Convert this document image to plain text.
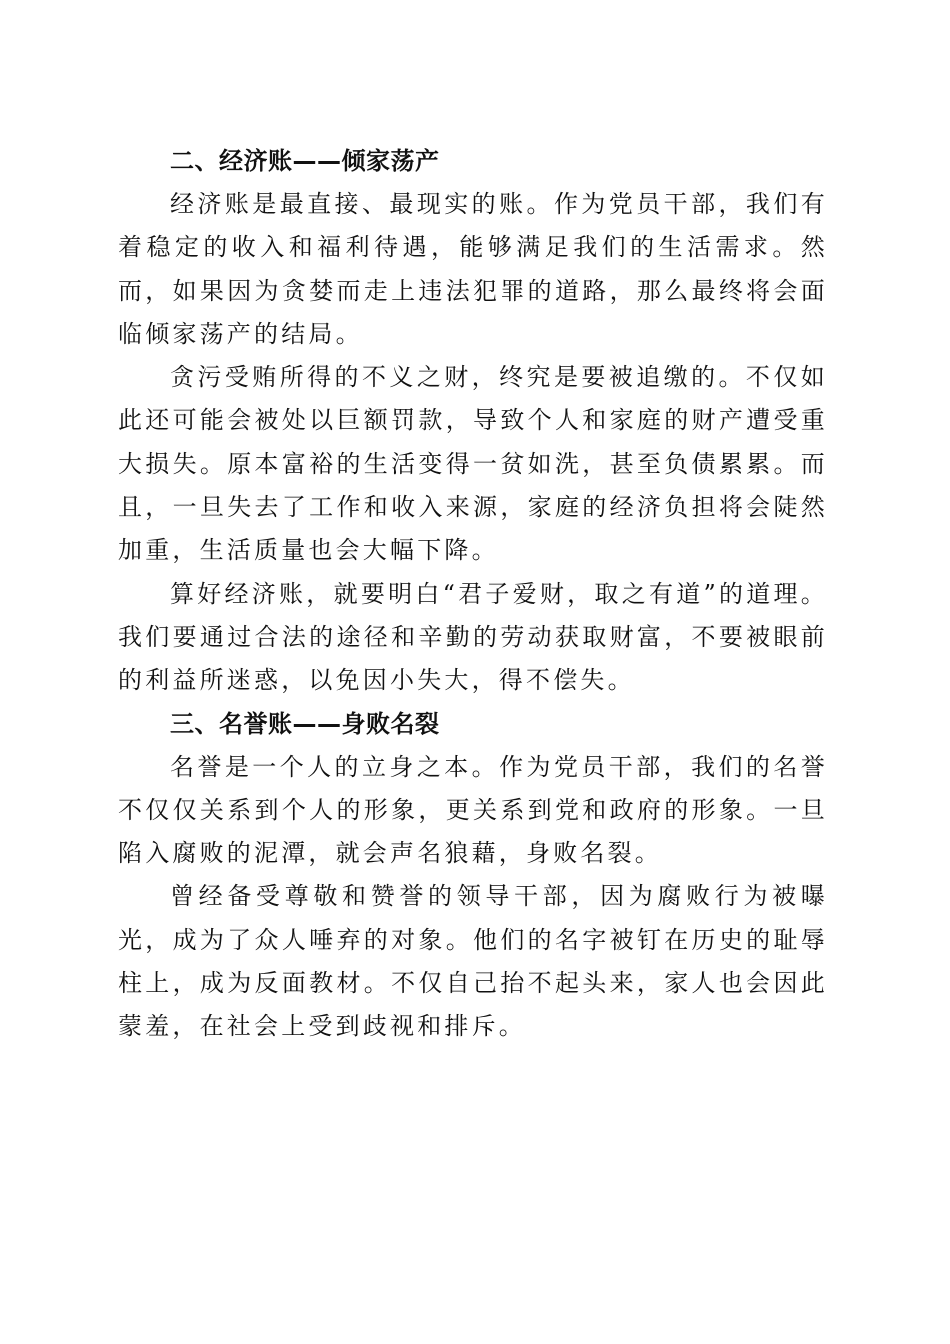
二、经济账——倾家荡产

经济账是最直接、最现实的账。作为党员干部，我们有着稳定的收入和福利待遇，能够满足我们的生活需求。然而，如果因为贪婪而走上违法犯罪的道路，那么最终将会面临倾家荡产的结局。

贪污受贿所得的不义之财，终究是要被追缴的。不仅如此还可能会被处以巨额罚款，导致个人和家庭的财产遭受重大损失。原本富裕的生活变得一贫如洗，甚至负债累累。而且，一旦失去了工作和收入来源，家庭的经济负担将会陡然加重，生活质量也会大幅下降。

算好经济账，就要明白“君子爱财，取之有道”的道理。我们要通过合法的途径和辛勤的劳动获取财富，不要被眼前的利益所迷惑，以免因小失大，得不偿失。

三、名誉账——身败名裂

名誉是一个人的立身之本。作为党员干部，我们的名誉不仅仅关系到个人的形象，更关系到党和政府的形象。一旦陷入腐败的泥潭，就会声名狼藉，身败名裂。

曾经备受尊敬和赞誉的领导干部，因为腐败行为被曝光，成为了众人唾弃的对象。他们的名字被钉在历史的耻辱柱上，成为反面教材。不仅自己抬不起头来，家人也会因此蒙羞，在社会上受到歧视和排斥。
